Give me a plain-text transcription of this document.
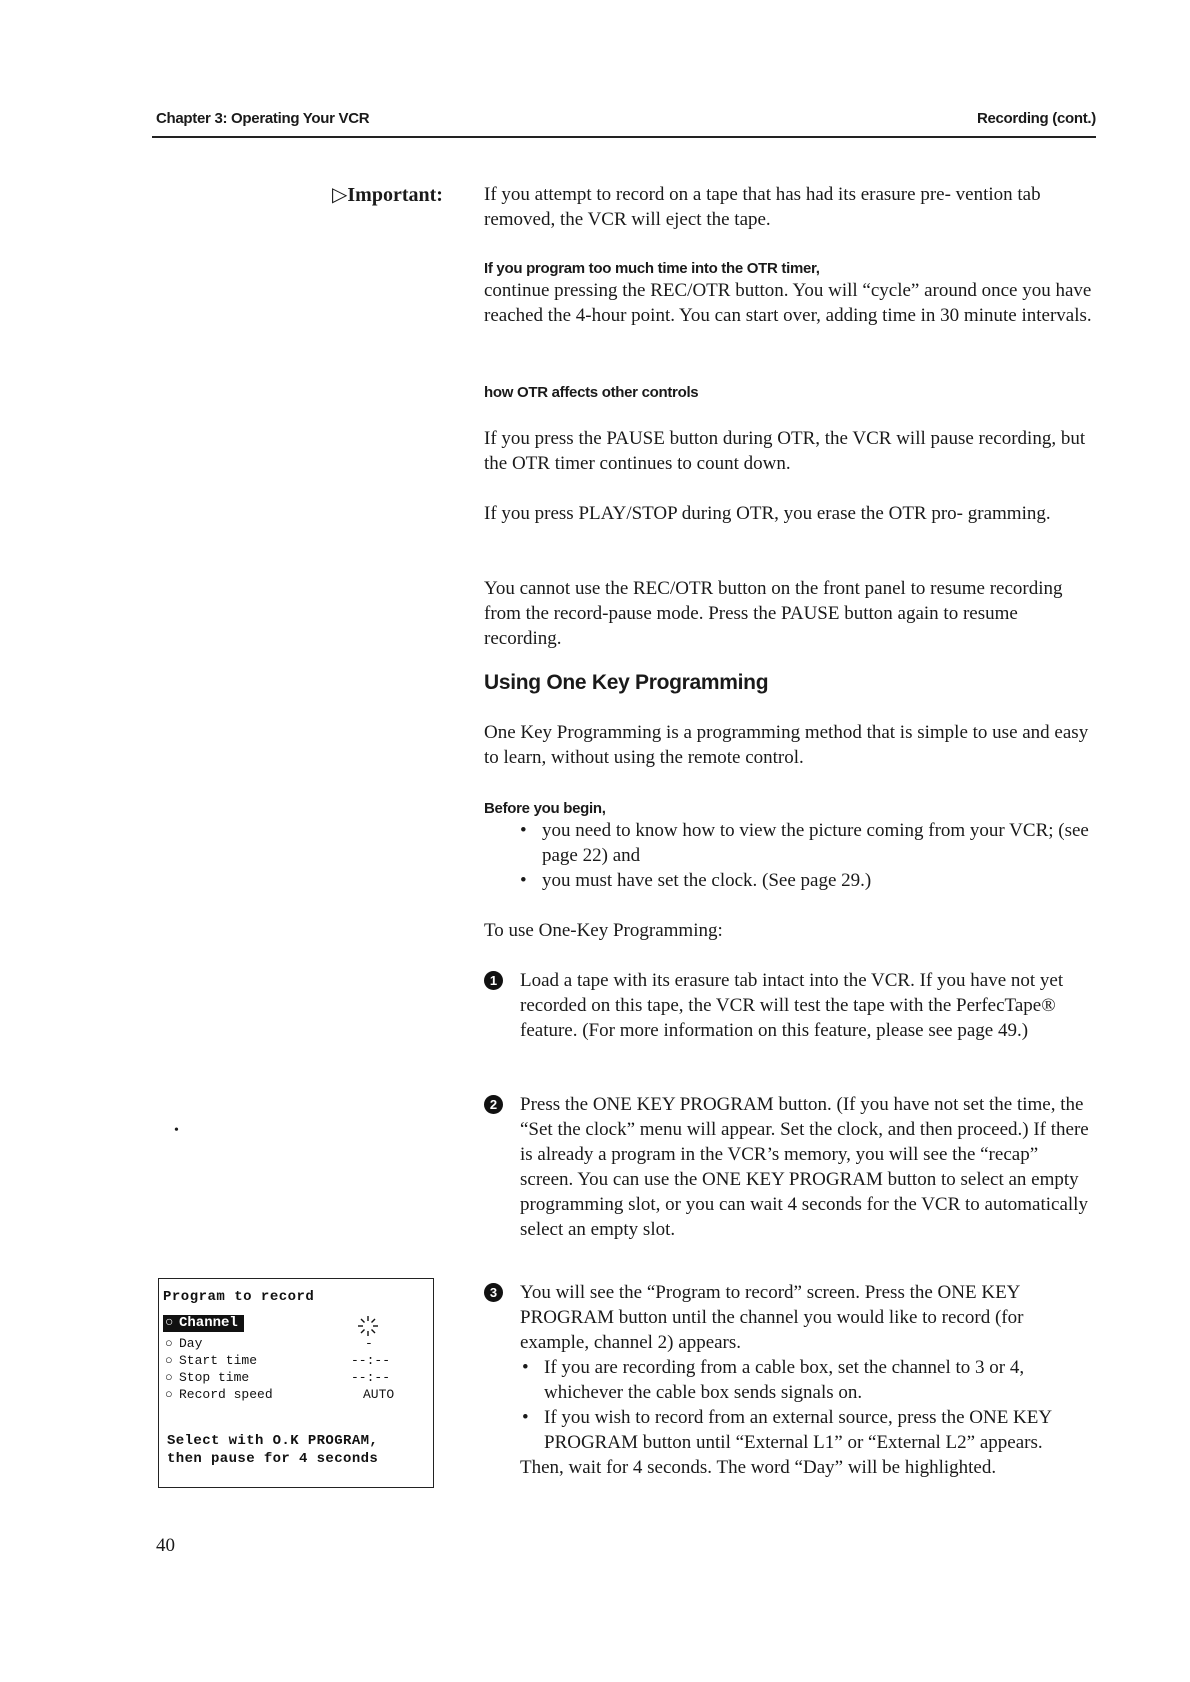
Chapter 3: Operating Your VCR	Recording (cont.)
▷Important: If you attempt to record on a tape that has had its erasure pre- vention tab removed, the VCR will eject the tape.
If you program too much time into the OTR timer,
continue pressing the REC/OTR button. You will “cycle” around once you have reached the 4-hour point. You can start over, adding time in 30 minute intervals.
how OTR affects other controls
If you press the PAUSE button during OTR, the VCR will pause recording, but the OTR timer continues to count down.
If you press PLAY/STOP during OTR, you erase the OTR pro- gramming.
You cannot use the REC/OTR button on the front panel to resume recording from the record-pause mode. Press the PAUSE button again to resume recording.
Using One Key Programming
One Key Programming is a programming method that is simple to use and easy to learn, without using the remote control.
Before you begin,
• you need to know how to view the picture coming from your VCR; (see page 22) and
• you must have set the clock. (See page 29.)
To use One-Key Programming:
1	Load a tape with its erasure tab intact into the VCR. If you have not yet recorded on this tape, the VCR will test the tape with the PerfecTape® feature. (For more information on this feature, please see page 49.)
2	Press the ONE KEY PROGRAM button. (If you have not set the time, the “Set the clock” menu will appear. Set the clock, and then proceed.) If there is already a program in the VCR’s memory, you will see the “recap” screen. You can use the ONE KEY PROGRAM button to select an empty programming slot, or you can wait 4 seconds for the VCR to automatically select an empty slot.
3	You will see the “Program to record” screen. Press the ONE KEY PROGRAM button until the channel you would like to record (for example, channel 2) appears.
• If you are recording from a cable box, set the channel to 3 or 4, whichever the cable box sends signals on.
• If you wish to record from an external source, press the ONE KEY PROGRAM button until “External L1” or “External L2” appears.
Then, wait for 4 seconds. The word “Day” will be highlighted.
Program to record
○ Channel
○ Day	-
○ Start time	--:--
○ Stop time	--:--
○ Record speed	AUTO
Select with O.K PROGRAM,
then pause for 4 seconds
•
40
